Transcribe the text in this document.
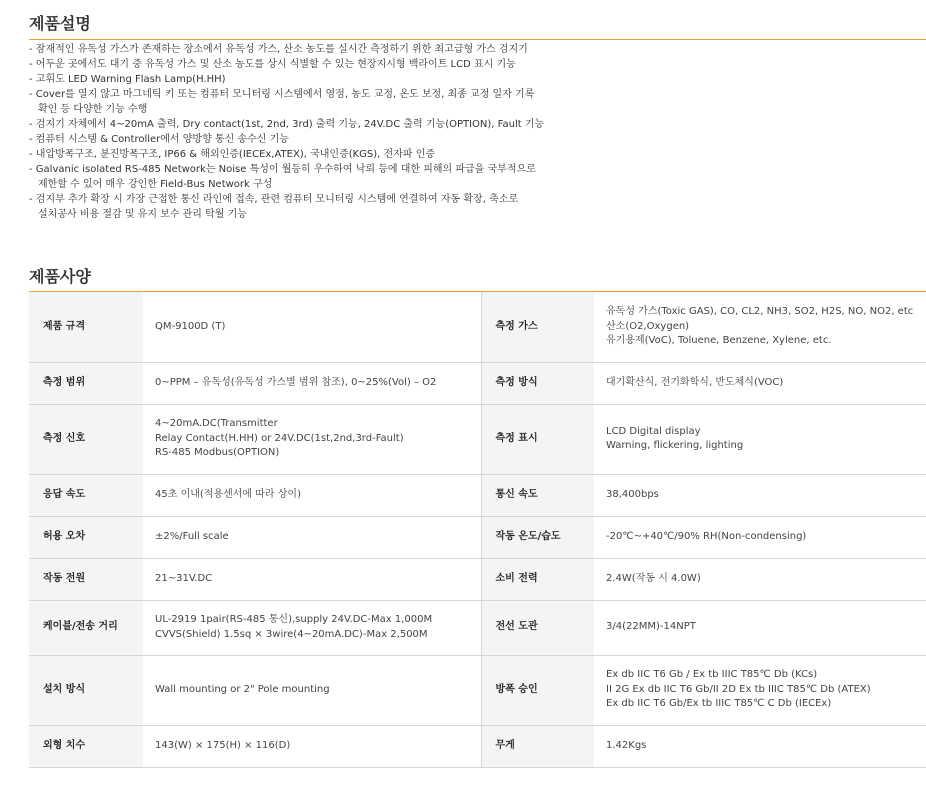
제품설명
- 잠재적인 유독성 가스가 존재하는 장소에서 유독성 가스, 산소 농도를 실시간 측정하기 위한 최고급형 가스 검지기
- 어두운 곳에서도 대기 중 유독성 가스 및 산소 농도를 상시 식별할 수 있는 현장지시형 백라이트 LCD 표시 기능
- 고휘도 LED Warning Flash Lamp(H.HH)
- Cover를 열지 않고 마그네틱 키 또는 컴퓨터 모니터링 시스템에서 영점, 농도 교정, 온도 보정, 최종 교정 일자 기록
확인 등 다양한 기능 수행
- 검지기 자체에서 4~20mA 출력, Dry contact(1st, 2nd, 3rd) 출력 기능, 24V.DC 출력 기능(OPTION), Fault 기능
- 컴퓨터 시스템 & Controller에서 양방향 통신 송수신 기능
- 내압방폭구조, 분진방폭구조, IP66 & 해외인증(IECEx,ATEX), 국내인증(KGS), 전자파 인증
- Galvanic isolated RS-485 Network는 Noise 특성이 월등히 우수하여 낙뢰 등에 대한 피해의 파급을 국부적으로
제한할 수 있어 매우 강인한 Field-Bus Network 구성
- 검지부 추가 확장 시 가장 근접한 통신 라인에 접속, 관련 컴퓨터 모니터링 시스템에 연결하여 자동 확장, 축소로
설치공사 비용 절감 및 유지 보수 관리 탁월 기능
제품사양
제품 규격	QM-9100D (T)	측정 가스	유독성 가스(Toxic GAS), CO, CL2, NH3, SO2, H2S, NO, NO2, etc
산소(O2,Oxygen)
유기용제(VoC), Toluene, Benzene, Xylene, etc.

측정 범위	0~PPM – 유독성(유독성 가스별 범위 참조), 0~25%(Vol) – O2	측정 방식	대기확산식, 전기화학식, 반도체식(VOC)

측정 신호	4~20mA.DC(Transmitter
Relay Contact(H.HH) or 24V.DC(1st,2nd,3rd-Fault)
RS-485 Modbus(OPTION)	측정 표시	LCD Digital display
Warning, flickering, lighting

응답 속도	45초 이내(적용센서에 따라 상이)	통신 속도	38,400bps

허용 오차	±2%/Full scale	작동 온도/습도	-20℃~+40℃/90% RH(Non-condensing)

작동 전원	21~31V.DC	소비 전력	2.4W(작동 시 4.0W)

케이블/전송 거리	UL-2919 1pair(RS-485 통신),supply 24V.DC-Max 1,000M
CVVS(Shield) 1.5sq × 3wire(4~20mA.DC)-Max 2,500M	전선 도관	3/4(22MM)-14NPT

설치 방식	Wall mounting or 2" Pole mounting	방폭 승인	Ex db IIC T6 Gb / Ex tb IIIC T85℃ Db (KCs)
II 2G Ex db IIC T6 Gb/II 2D Ex tb IIIC T85℃ Db (ATEX)
Ex db IIC T6 Gb/Ex tb IIIC T85℃ C Db (IECEx)

외형 치수	143(W) × 175(H) × 116(D)	무게	1.42Kgs
